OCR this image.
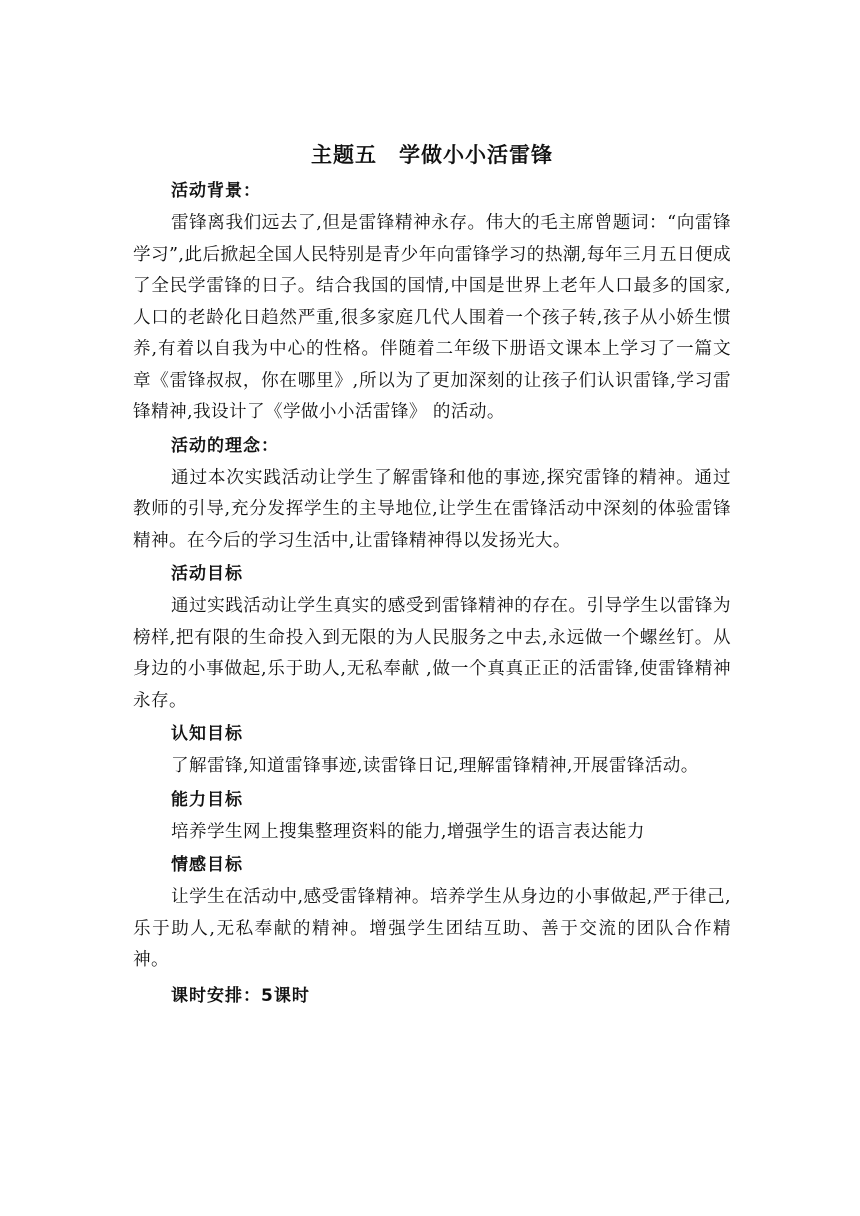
主题五　学做小小活雷锋
活动背景：
雷锋离我们远去了,但是雷锋精神永存。伟大的毛主席曾题词：“向雷锋学习”,此后掀起全国人民特别是青少年向雷锋学习的热潮,每年三月五日便成了全民学雷锋的日子。结合我国的国情,中国是世界上老年人口最多的国家,人口的老龄化日趋然严重,很多家庭几代人围着一个孩子转,孩子从小娇生惯养,有着以自我为中心的性格。伴随着二年级下册语文课本上学习了一篇文章《雷锋叔叔，你在哪里》,所以为了更加深刻的让孩子们认识雷锋,学习雷锋精神,我设计了《学做小小活雷锋》 的活动。
活动的理念：
通过本次实践活动让学生了解雷锋和他的事迹,探究雷锋的精神。通过教师的引导,充分发挥学生的主导地位,让学生在雷锋活动中深刻的体验雷锋精神。在今后的学习生活中,让雷锋精神得以发扬光大。
活动目标
通过实践活动让学生真实的感受到雷锋精神的存在。引导学生以雷锋为榜样,把有限的生命投入到无限的为人民服务之中去,永远做一个螺丝钉。从身边的小事做起,乐于助人,无私奉献 ,做一个真真正正的活雷锋,使雷锋精神永存。
认知目标
了解雷锋,知道雷锋事迹,读雷锋日记,理解雷锋精神,开展雷锋活动。
能力目标
培养学生网上搜集整理资料的能力,增强学生的语言表达能力
情感目标
让学生在活动中,感受雷锋精神。培养学生从身边的小事做起,严于律己,乐于助人,无私奉献的精神。增强学生团结互助、善于交流的团队合作精神。
课时安排：5课时
